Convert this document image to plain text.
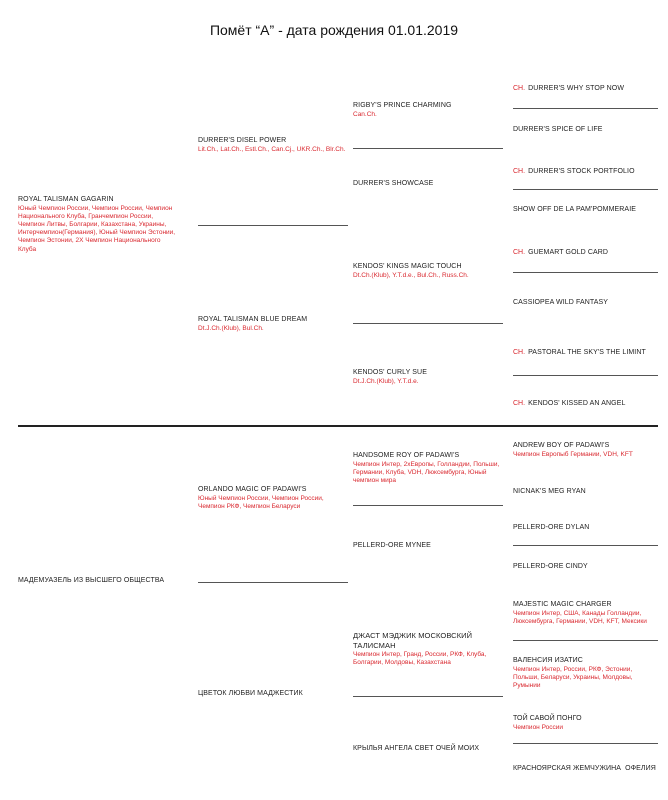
Помёт “А” - дата рождения 01.01.2019
ROYAL TALISMAN GAGARIN
Юный Чемпион России, Чемпион России, Чемпион Национального Клуба, Гранчемпион России, Чемпион Литвы, Болгарии, Казахстана, Украины, Интерчемпион(Германия), Юный Чемпион Эстонии, Чемпион Эстонии, 2Х Чемпион Национального Клуба
МАДЕМУАЗЕЛЬ ИЗ ВЫСШЕГО ОБЩЕСТВА
DURRER'S DISEL POWER
Lit.Ch., Lat.Ch., Estl.Ch., Can.Cj., UKR.Ch., Blr.Ch.
ROYAL TALISMAN BLUE DREAM
Dt.J.Ch.(Klub), Bul.Ch.
ORLANDO MAGIC OF PADAWI'S
Юный Чемпион России, Чемпион России, Чемпион РКФ, Чемпион Беларуси
ЦВЕТОК ЛЮБВИ МАДЖЕСТИК
RIGBY'S PRINCE CHARMING
Can.Ch.
DURRER'S SHOWCASE
KENDOS' KINGS MAGIC TOUCH
Dt.Ch.(Klub), Y.T.d.e., Bul.Ch., Russ.Ch.
KENDOS' CURLY SUE
Dt.J.Ch.(Klub), Y.T.d.e.
HANDSOME ROY OF PADAWI'S
Чемпион Интер, 2хЕвропы, Голландии, Польши, Германии, Клуба, VDH, Люксембурга, Юный чемпион мира
PELLERD-ORE MYNEE
ДЖАСТ МЭДЖИК МОСКОВСКИЙ ТАЛИСМАН
Чемпион Интер, Гранд, России, РКФ, Клуба, Болгарии, Молдовы, Казахстана
КРЫЛЬЯ АНГЕЛА СВЕТ ОЧЕЙ МОИХ
CH. DURRER'S WHY STOP NOW
DURRER'S SPICE OF LIFE
CH. DURRER'S STOCK PORTFOLIO
SHOW OFF DE LA PAM'POMMERAIE
CH. GUEMART GOLD CARD
CASSIOPEA WILD FANTASY
CH. PASTORAL THE SKY'S THE LIMINT
CH. KENDOS' KISSED AN ANGEL
ANDREW BOY OF PADAWI'S
Чемпион Европыб Германии, VDH, KFT
NICNAK'S MEG RYAN
PELLERD-ORE DYLAN
PELLERD-ORE CINDY
MAJESTIC MAGIC CHARGER
Чемпион Интер, США, Канады Голландии, Люксембурга, Германии, VDH, KFT, Мексики
ВАЛЕНСИЯ ИЗАТИС
Чемпион Интер, России, РКФ, Эстонии, Польши, Беларуси, Украины, Молдовы, Румынии
ТОЙ САВОЙ ПОНГО
Чемпион России
КРАСНОЯРСКАЯ ЖЕМЧУЖИНА  ОФЕЛИЯ
